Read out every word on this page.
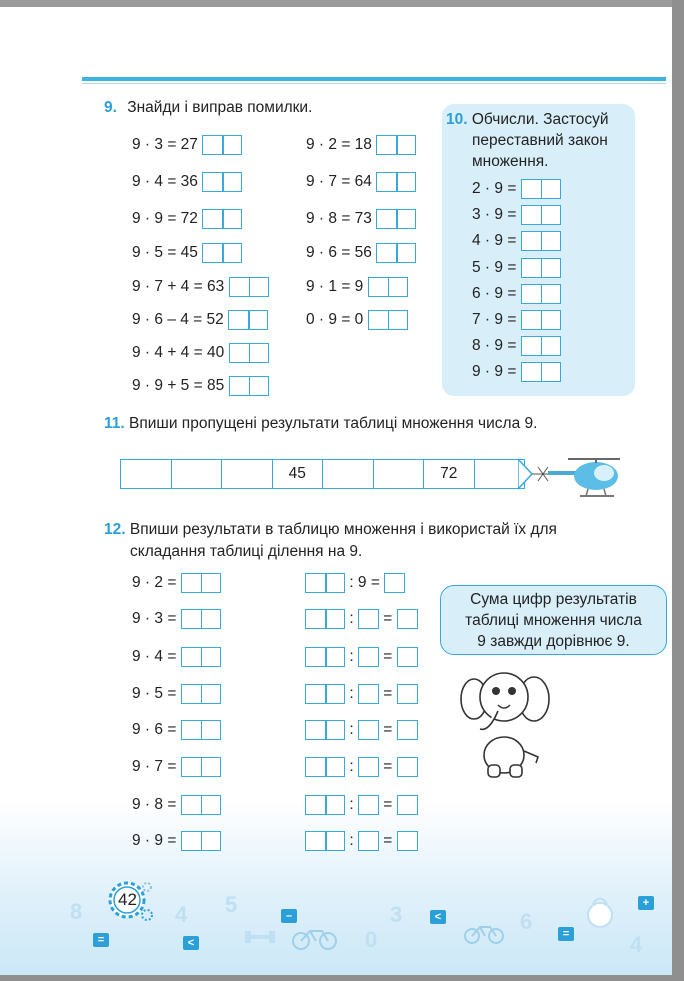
9. Знайди і виправ помилки.
9 · 3 = 27
9 · 4 = 36
9 · 9 = 72
9 · 5 = 45
9 · 7 + 4 = 63
9 · 6 – 4 = 52
9 · 4 + 4 = 40
9 · 9 + 5 = 85
9 · 2 = 18
9 · 7 = 64
9 · 8 = 73
9 · 6 = 56
9 · 1 = 9
0 · 9 = 0
10. Обчисли. Застосуй
переставний закон
множення.
2 · 9 =
3 · 9 =
4 · 9 =
5 · 9 =
6 · 9 =
7 · 9 =
8 · 9 =
9 · 9 =
11. Впиши пропущені результати таблиці множення числа 9.
45	72
12. Впиши результати в таблицю множення і використай їх для
складання таблиці ділення на 9.
9 · 2 =
9 · 3 =
9 · 4 =
9 · 5 =
9 · 6 =
9 · 7 =
9 · 8 =
9 · 9 =
: 9 =
: =
: =
: =
: =
: =
: =
: =
Сума цифр результатів
таблиці множення числа
9 завжди дорівнює 9.
8	4 5	3
0
6
4
=	<
–	<
=
+
42
